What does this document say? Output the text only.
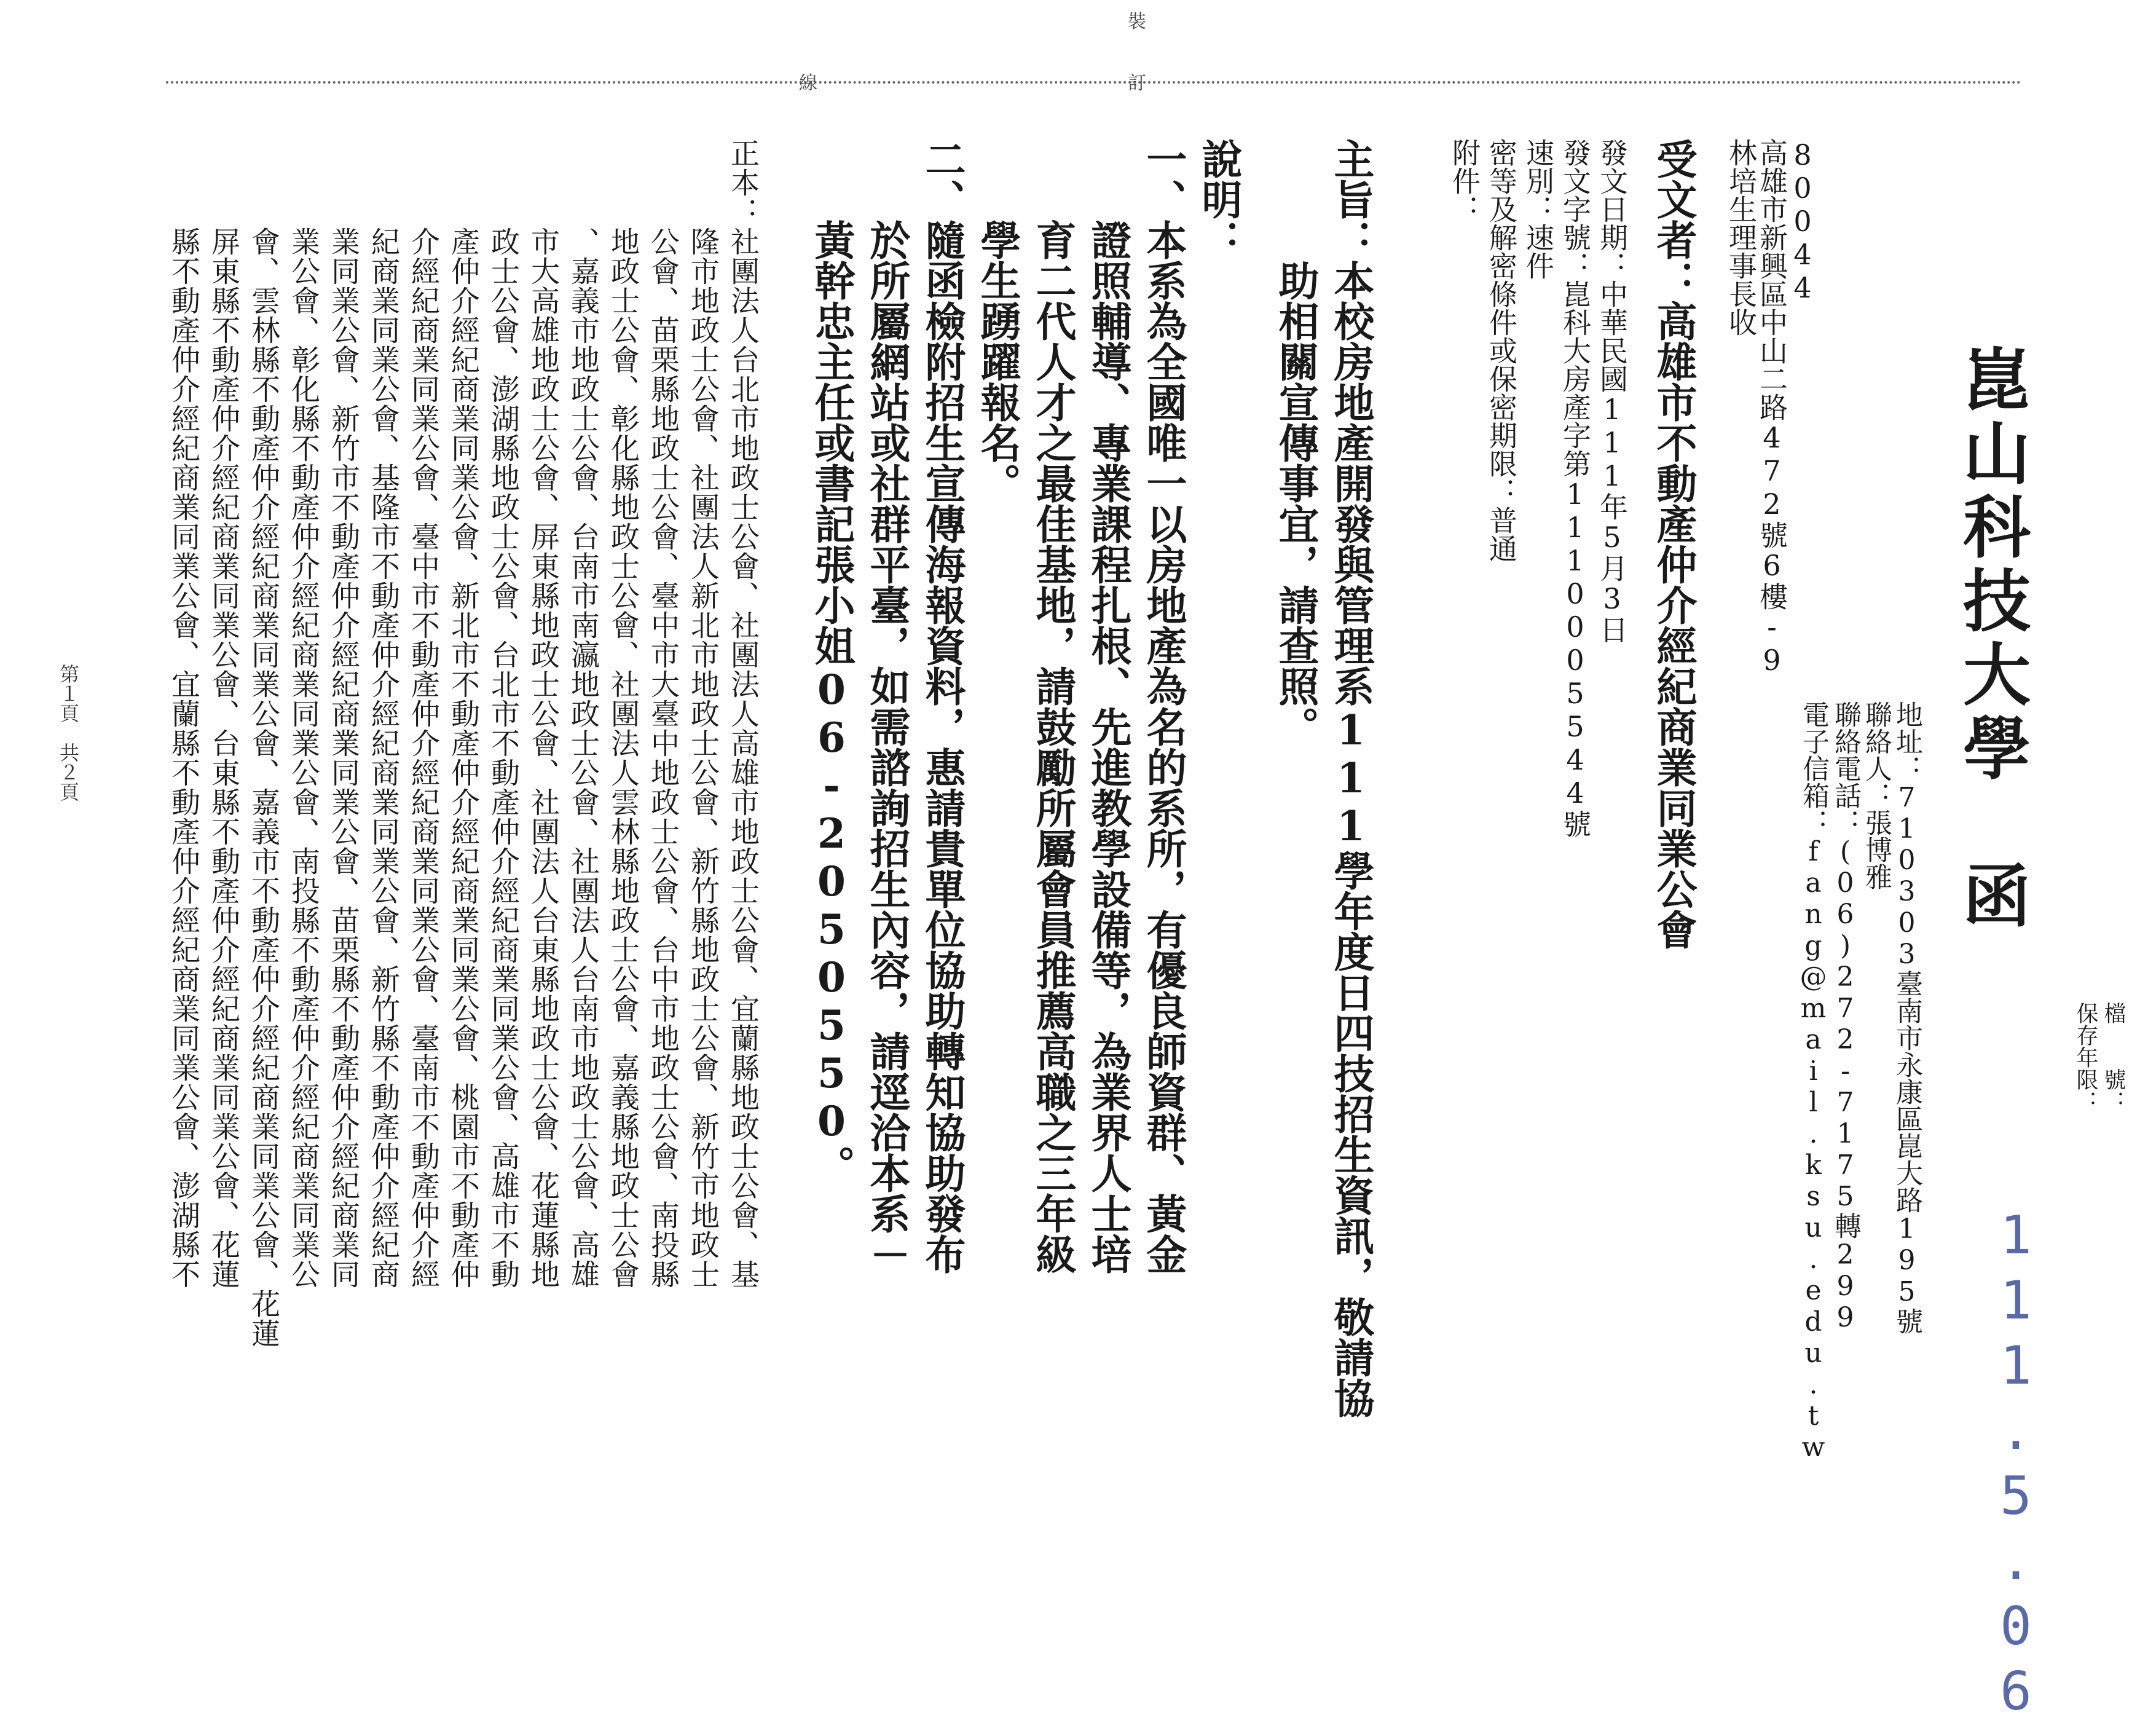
裝
訂
線
檔　　號：
保存年限：
111.5.06
崑山科技大學　函
地址：710303臺南市永康區崑大路195號
聯絡人：張博雅
聯絡電話：(06)272-7175轉299
電子信箱：fang@mail.ksu.edu.tw
80044
高雄市新興區中山二路472號6樓-9
林培生理事長收
受文者：高雄市不動產仲介經紀商業同業公會
發文日期：中華民國111年5月3日
發文字號：崑科大房產字第1110005544號
速別：速件
密等及解密條件或保密期限：普通
附件：
主旨：本校房地產開發與管理系111學年度日四技招生資訊，敬請協
　　　助相關宣傳事宜，請查照。
說明：
一、本系為全國唯一以房地產為名的系所，有優良師資群、黃金
　　證照輔導、專業課程扎根、先進教學設備等，為業界人士培
　　育二代人才之最佳基地，請鼓勵所屬會員推薦高職之三年級
　　學生踴躍報名。
二、隨函檢附招生宣傳海報資料，惠請貴單位協助轉知協助發布
　　於所屬網站或社群平臺，如需諮詢招生內容，請逕洽本系－
　　黃幹忠主任或書記張小姐06-2050550。
正本：社團法人台北市地政士公會、社團法人高雄市地政士公會、宜蘭縣地政士公會、基
　　　隆市地政士公會、社團法人新北市地政士公會、新竹縣地政士公會、新竹市地政士
　　　公會、苗栗縣地政士公會、臺中市大臺中地政士公會、台中市地政士公會、南投縣
　　　地政士公會、彰化縣地政士公會、社團法人雲林縣地政士公會、嘉義縣地政士公會
　　　、嘉義市地政士公會、台南市南瀛地政士公會、社團法人台南市地政士公會、高雄
　　　市大高雄地政士公會、屏東縣地政士公會、社團法人台東縣地政士公會、花蓮縣地
　　　政士公會、澎湖縣地政士公會、台北市不動產仲介經紀商業同業公會、高雄市不動
　　　產仲介經紀商業同業公會、新北市不動產仲介經紀商業同業公會、桃園市不動產仲
　　　介經紀商業同業公會、臺中市不動產仲介經紀商業同業公會、臺南市不動產仲介經
　　　紀商業同業公會、基隆市不動產仲介經紀商業同業公會、新竹縣不動產仲介經紀商
　　　業同業公會、新竹市不動產仲介經紀商業同業公會、苗栗縣不動產仲介經紀商業同
　　　業公會、彰化縣不動產仲介經紀商業同業公會、南投縣不動產仲介經紀商業同業公
　　　會、雲林縣不動產仲介經紀商業同業公會、嘉義市不動產仲介經紀商業同業公會、花蓮
　　　屏東縣不動產仲介經紀商業同業公會、台東縣不動產仲介經紀商業同業公會、花蓮
　　　縣不動產仲介經紀商業同業公會、宜蘭縣不動產仲介經紀商業同業公會、澎湖縣不
第１頁　共２頁
